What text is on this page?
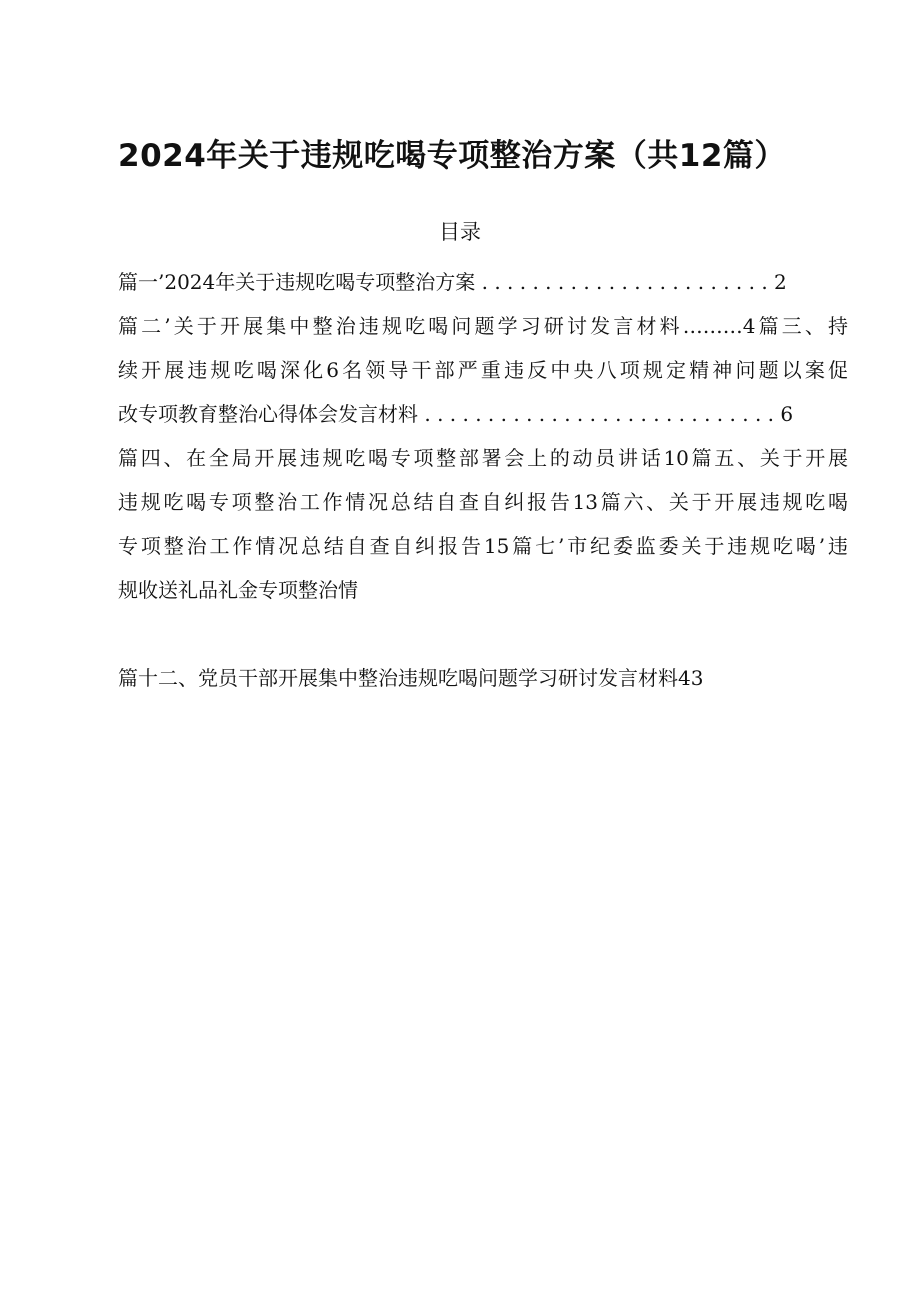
2024年关于违规吃喝专项整治方案（共12篇）
目录
篇一’2024年关于违规吃喝专项整治方案 . . . . . . . . . . . . . . . . . . . . . . . 2
篇二’关于开展集中整治违规吃喝问题学习研讨发言材料………4篇三、持
续开展违规吃喝深化6名领导干部严重违反中央八项规定精神问题以案促
改专项教育整治心得体会发言材料 . . . . . . . . . . . . . . . . . . . . . . . . . . . . 6
篇四、在全局开展违规吃喝专项整部署会上的动员讲话10篇五、关于开展
违规吃喝专项整治工作情况总结自查自纠报告13篇六、关于开展违规吃喝
专项整治工作情况总结自查自纠报告15篇七’市纪委监委关于违规吃喝’违
规收送礼品礼金专项整治情
篇十二、党员干部开展集中整治违规吃喝问题学习研讨发言材料43
